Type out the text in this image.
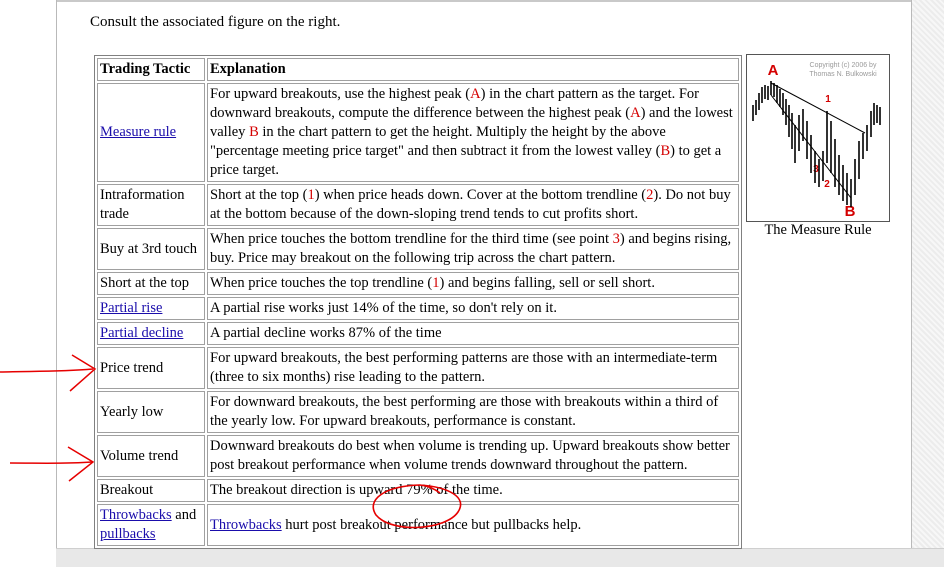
Consult the associated figure on the right.
Trading Tactic	Explanation
Measure rule	For upward breakouts, use the highest peak (A) in the chart pattern as the target. For downward breakouts, compute the difference between the highest peak (A) and the lowest valley B in the chart pattern to get the height. Multiply the height by the above "percentage meeting price target" and then subtract it from the lowest valley (B) to get a price target.
Intraformation trade	Short at the top (1) when price heads down. Cover at the bottom trendline (2). Do not buy at the bottom because of the down-sloping trend tends to cut profits short.
Buy at 3rd touch	When price touches the bottom trendline for the third time (see point 3) and begins rising, buy. Price may breakout on the following trip across the chart pattern.
Short at the top	When price touches the top trendline (1) and begins falling, sell or sell short.
Partial rise	A partial rise works just 14% of the time, so don't rely on it.
Partial decline	A partial decline works 87% of the time
Price trend	For upward breakouts, the best performing patterns are those with an intermediate-term (three to six months) rise leading to the pattern.
Yearly low	For downward breakouts, the best performing are those with breakouts within a third of the yearly low. For upward breakouts, performance is constant.
Volume trend	Downward breakouts do best when volume is trending up. Upward breakouts show better post breakout performance when volume trends downward throughout the pattern.
Breakout	The breakout direction is upward 79% of the time.
Throwbacks and
pullbacks	Throwbacks hurt post breakout performance but pullbacks help.
Copyright (c) 2006 by
Thomas N. Bulkowski
A
B
1
2
3
The Measure Rule
